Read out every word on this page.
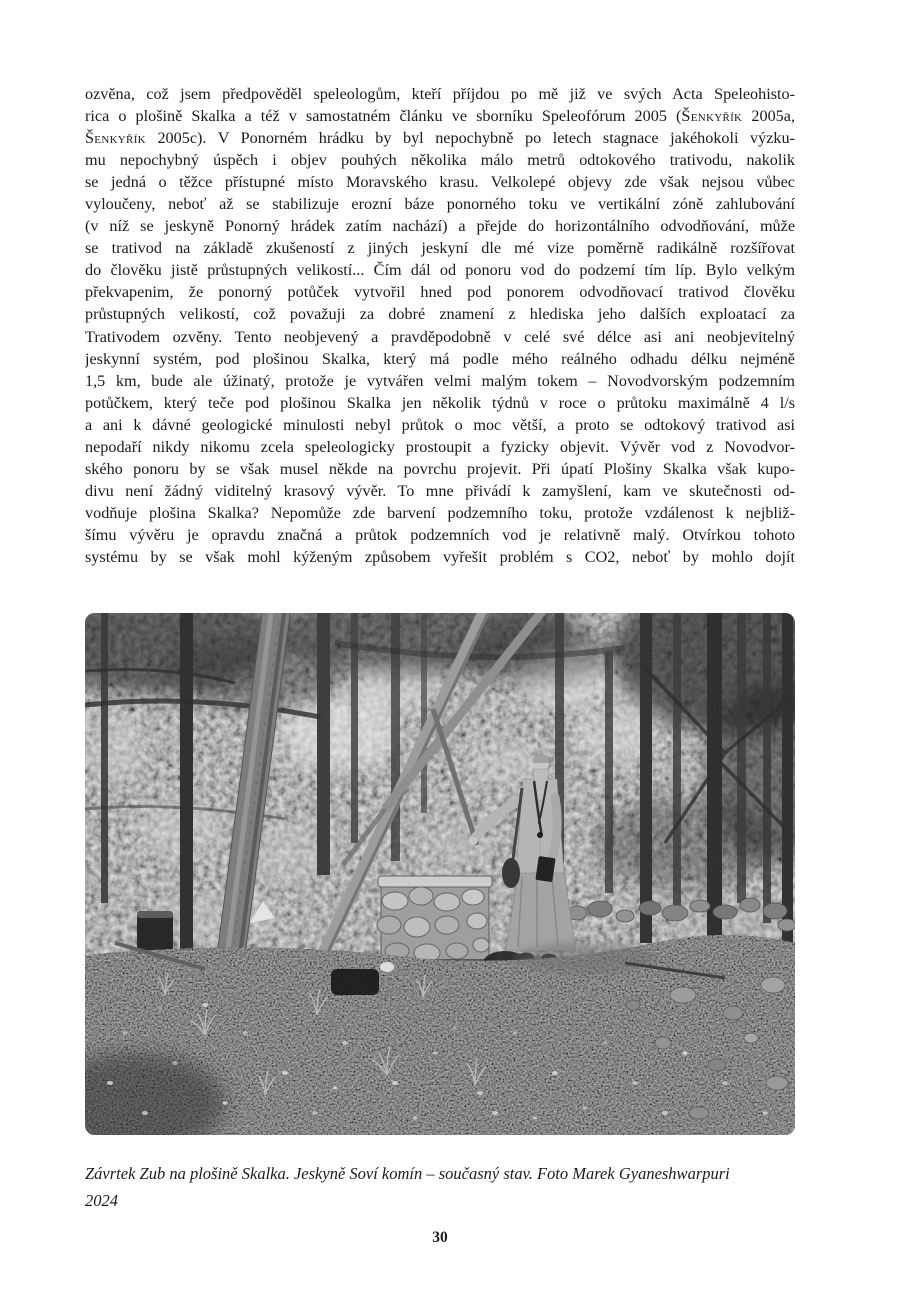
ozvěna, což jsem předpověděl speleologům, kteří příjdou po mě již ve svých Acta Speleohisto-
rica o plošině Skalka a též v samostatném článku ve sborníku Speleofórum 2005 (Šenkyřík 2005a,
Šenkyřík 2005c). V Ponorném hrádku by byl nepochybně po letech stagnace jakéhokoli výzku-
mu nepochybný úspěch i objev pouhých několika málo metrů odtokového trativodu, nakolik
se jedná o těžce přístupné místo Moravského krasu. Velkolepé objevy zde však nejsou vůbec
vyloučeny, neboť až se stabilizuje erozní báze ponorného toku ve vertikální zóně zahlubování
(v níž se jeskyně Ponorný hrádek zatím nachází) a přejde do horizontálního odvodňování, může
se trativod na základě zkušeností z jiných jeskyní dle mé vize poměrně radikálně rozšířovat
do člověku jistě průstupných velikostí... Čím dál od ponoru vod do podzemí tím líp. Bylo velkým
překvapenim, že ponorný potůček vytvořil hned pod ponorem odvodňovací trativod člověku
průstupných velikostí, což považuji za dobré znamení z hlediska jeho dalších exploatací za
Trativodem ozvěny. Tento neobjevený a pravděpodobně v celé své délce asi ani neobjevitelný
jeskynní systém, pod plošinou Skalka, který má podle mého reálného odhadu délku nejméně
1,5 km, bude ale úžinatý, protože je vytvářen velmi malým tokem – Novodvorským podzemním
potůčkem, který teče pod plošinou Skalka jen několik týdnů v roce o průtoku maximálně 4 l/s
a ani k dávné geologické minulosti nebyl průtok o moc větší, a proto se odtokový trativod asi
nepodaří nikdy nikomu zcela speleologicky prostoupit a fyzicky objevit. Vývěr vod z Novodvor-
ského ponoru by se však musel někde na povrchu projevit. Při úpatí Plošiny Skalka však kupo-
divu není žádný viditelný krasový vývěr. To mne přivádí k zamyšlení, kam ve skutečnosti od-
vodňuje plošina Skalka? Nepomůže zde barvení podzemního toku, protože vzdálenost k nejbliž-
šímu vývěru je opravdu značná a průtok podzemních vod je relativně malý. Otvírkou tohoto
systému by se však mohl kýženým způsobem vyřešit problém s CO2, neboť by mohlo dojít
Závrtek Zub na plošině Skalka. Jeskyně Soví komín – současný stav. Foto Marek Gyaneshwarpuri
2024
30
